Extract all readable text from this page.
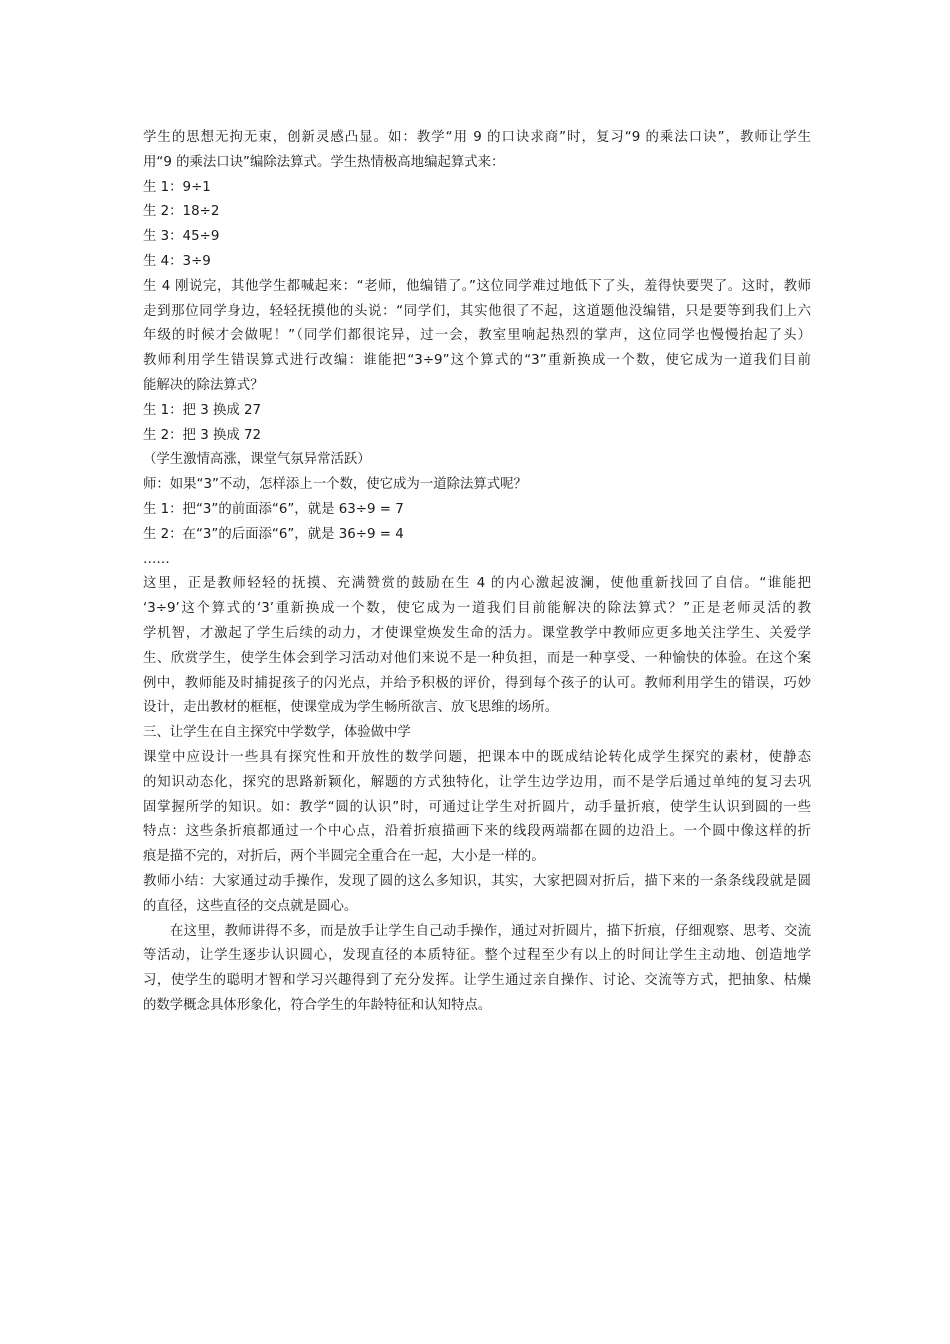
学生的思想无拘无束，创新灵感凸显。如：教学“用 9 的口诀求商”时，复习“9 的乘法口诀”，教师让学生
用“9 的乘法口诀”编除法算式。学生热情极高地编起算式来：
生 1：9÷1
生 2：18÷2
生 3：45÷9
生 4：3÷9
生 4 刚说完，其他学生都喊起来：“老师，他编错了。”这位同学难过地低下了头，羞得快要哭了。这时，教师
走到那位同学身边，轻轻抚摸他的头说：“同学们，其实他很了不起，这道题他没编错，只是要等到我们上六
年级的时候才会做呢！”（同学们都很诧异，过一会，教室里响起热烈的掌声，这位同学也慢慢抬起了头）
教师利用学生错误算式进行改编：谁能把“3÷9”这个算式的“3”重新换成一个数，使它成为一道我们目前
能解决的除法算式？
生 1：把 3 换成 27
生 2：把 3 换成 72
（学生激情高涨，课堂气氛异常活跃）
师：如果“3”不动，怎样添上一个数，使它成为一道除法算式呢？
生 1：把“3”的前面添“6”，就是 63÷9 = 7
生 2：在“3”的后面添“6”，就是 36÷9 = 4
……
这里，正是教师轻轻的抚摸、充满赞赏的鼓励在生 4 的内心激起波澜，使他重新找回了自信。“谁能把
‘3÷9’这个算式的‘3’重新换成一个数，使它成为一道我们目前能解决的除法算式？”正是老师灵活的教
学机智，才激起了学生后续的动力，才使课堂焕发生命的活力。课堂教学中教师应更多地关注学生、关爱学
生、欣赏学生，使学生体会到学习活动对他们来说不是一种负担，而是一种享受、一种愉快的体验。在这个案
例中，教师能及时捕捉孩子的闪光点，并给予积极的评价，得到每个孩子的认可。教师利用学生的错误，巧妙
设计，走出教材的框框，使课堂成为学生畅所欲言、放飞思维的场所。
三、让学生在自主探究中学数学，体验做中学
课堂中应设计一些具有探究性和开放性的数学问题，把课本中的既成结论转化成学生探究的素材，使静态
的知识动态化，探究的思路新颖化，解题的方式独特化，让学生边学边用，而不是学后通过单纯的复习去巩
固掌握所学的知识。如：教学“圆的认识”时，可通过让学生对折圆片，动手量折痕，使学生认识到圆的一些
特点：这些条折痕都通过一个中心点，沿着折痕描画下来的线段两端都在圆的边沿上。一个圆中像这样的折
痕是描不完的，对折后，两个半圆完全重合在一起，大小是一样的。
教师小结：大家通过动手操作，发现了圆的这么多知识，其实，大家把圆对折后，描下来的一条条线段就是圆
的直径，这些直径的交点就是圆心。
在这里，教师讲得不多，而是放手让学生自己动手操作，通过对折圆片，描下折痕，仔细观察、思考、交流
等活动，让学生逐步认识圆心，发现直径的本质特征。整个过程至少有以上的时间让学生主动地、创造地学
习，使学生的聪明才智和学习兴趣得到了充分发挥。让学生通过亲自操作、讨论、交流等方式，把抽象、枯燥
的数学概念具体形象化，符合学生的年龄特征和认知特点。
